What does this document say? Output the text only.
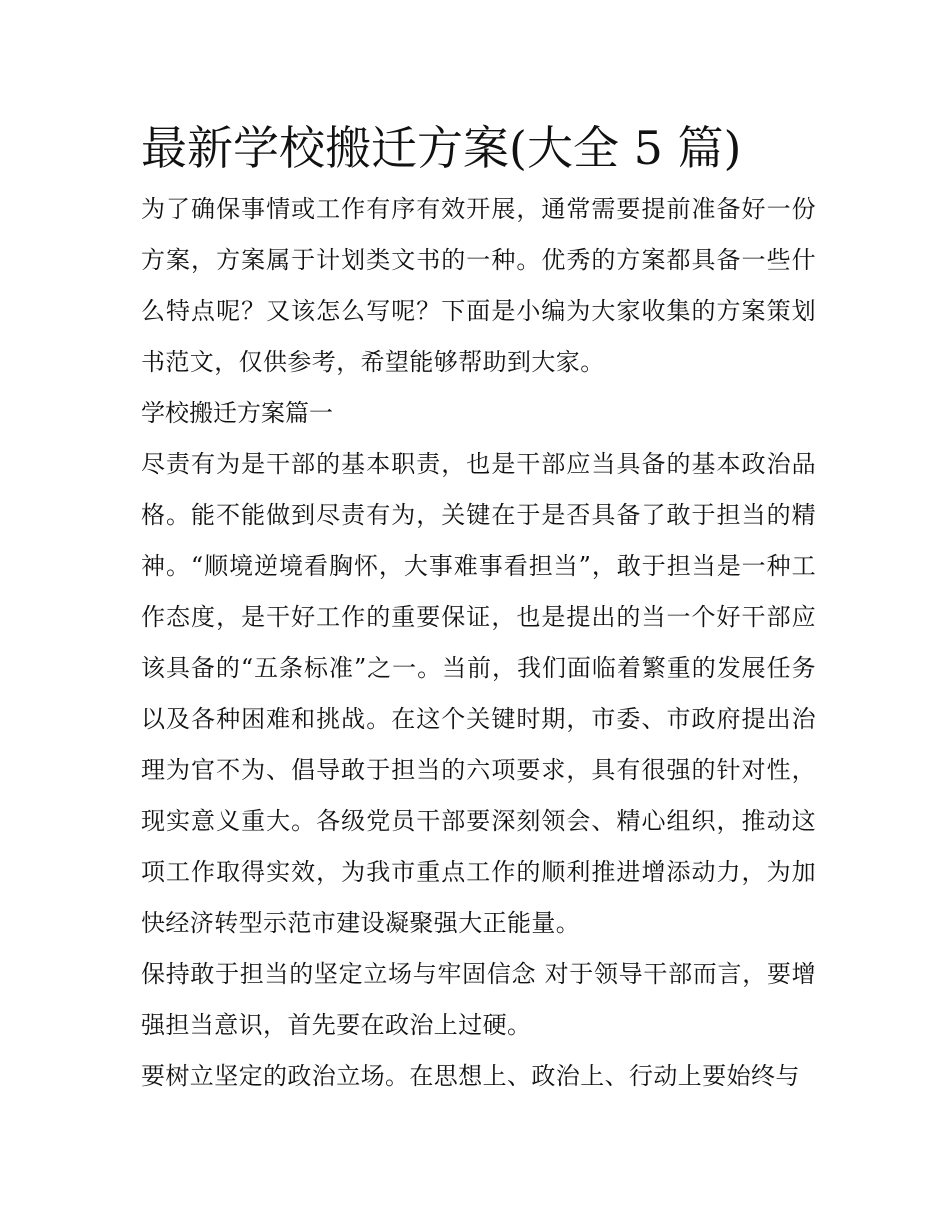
最新学校搬迁方案(大全 5 篇)

为了确保事情或工作有序有效开展，通常需要提前准备好一份方案，方案属于计划类文书的一种。优秀的方案都具备一些什么特点呢？又该怎么写呢？下面是小编为大家收集的方案策划书范文，仅供参考，希望能够帮助到大家。

学校搬迁方案篇一

尽责有为是干部的基本职责，也是干部应当具备的基本政治品格。能不能做到尽责有为，关键在于是否具备了敢于担当的精神。“顺境逆境看胸怀，大事难事看担当”，敢于担当是一种工作态度，是干好工作的重要保证，也是提出的当一个好干部应该具备的“五条标准”之一。当前，我们面临着繁重的发展任务以及各种困难和挑战。在这个关键时期，市委、市政府提出治理为官不为、倡导敢于担当的六项要求，具有很强的针对性，现实意义重大。各级党员干部要深刻领会、精心组织，推动这项工作取得实效，为我市重点工作的顺利推进增添动力，为加快经济转型示范市建设凝聚强大正能量。

保持敢于担当的坚定立场与牢固信念 对于领导干部而言，要增强担当意识，首先要在政治上过硬。

要树立坚定的政治立场。在思想上、政治上、行动上要始终与
